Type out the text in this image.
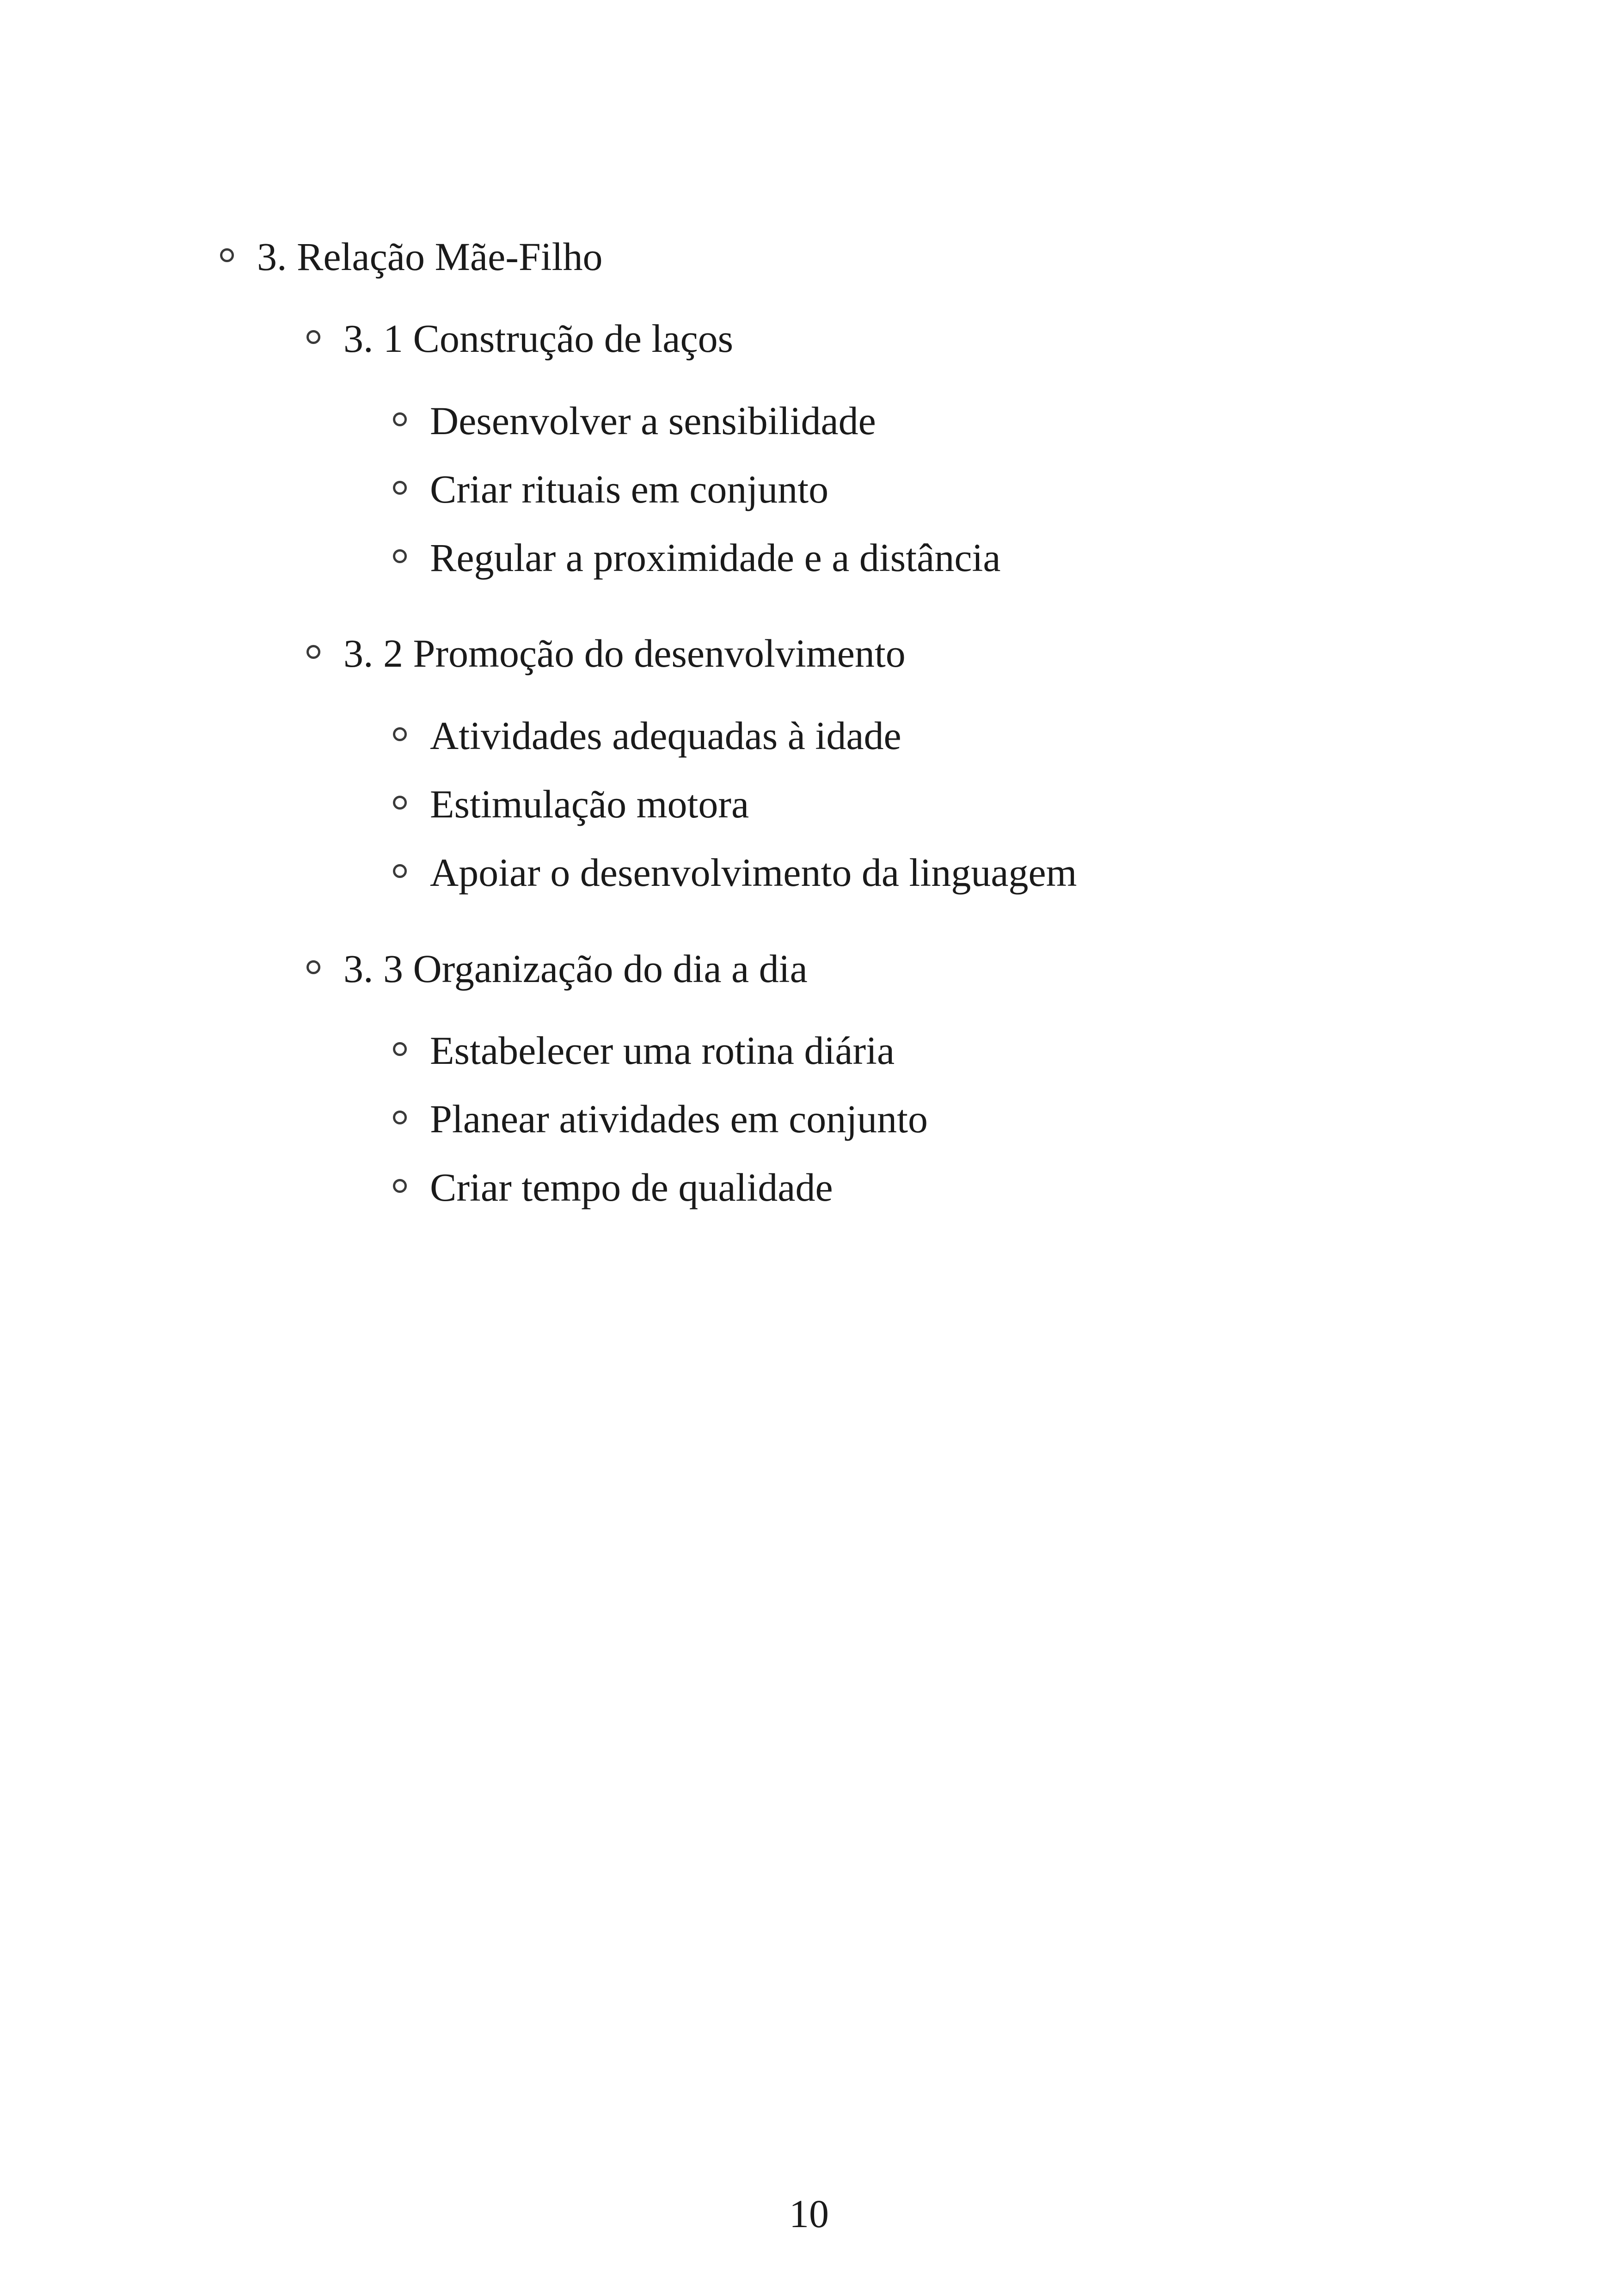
3. Relação Mãe-Filho
3. 1 Construção de laços
Desenvolver a sensibilidade
Criar rituais em conjunto
Regular a proximidade e a distância
3. 2 Promoção do desenvolvimento
Atividades adequadas à idade
Estimulação motora
Apoiar o desenvolvimento da linguagem
3. 3 Organização do dia a dia
Estabelecer uma rotina diária
Planear atividades em conjunto
Criar tempo de qualidade
10
